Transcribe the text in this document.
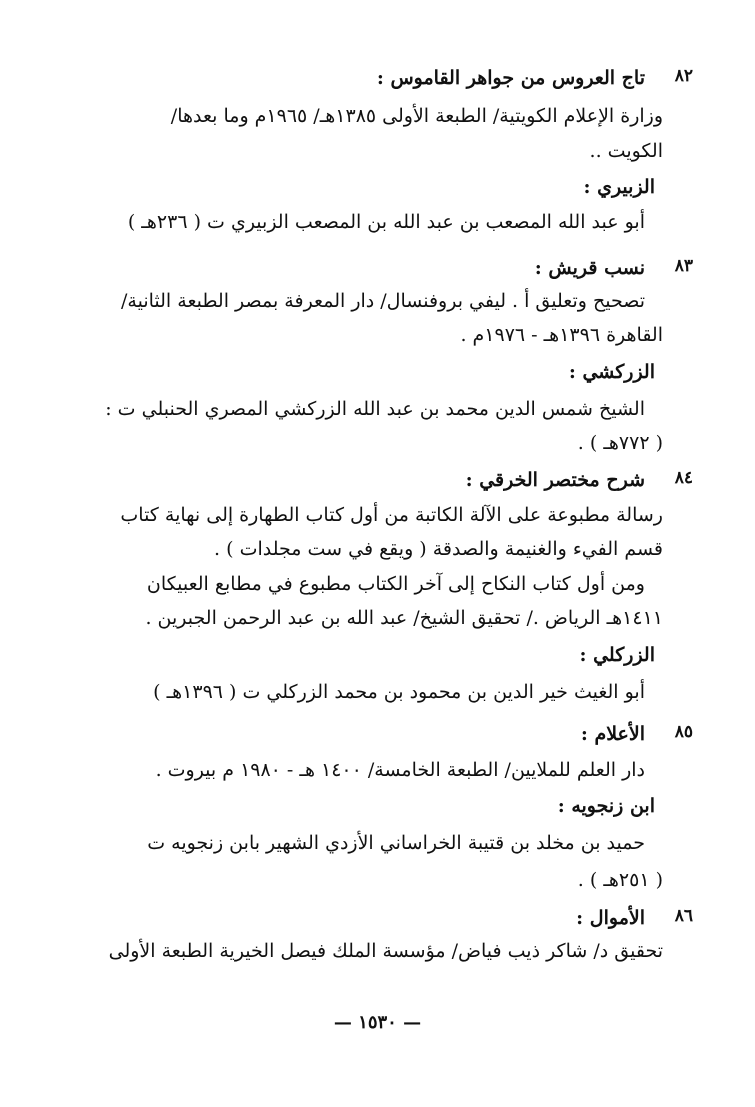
٨٢
تاج العروس من جواهر القاموس :
وزارة الإعلام الكويتية/ الطبعة الأولى ١٣٨٥هـ/ ١٩٦٥م وما بعدها/
الكويت ..
الزبيري :
أبو عبد الله المصعب بن عبد الله بن المصعب الزبيري ت ( ٢٣٦هـ )
٨٣
نسب قريش :
تصحيح وتعليق أ . ليفي بروفنسال/ دار المعرفة بمصر الطبعة الثانية/
القاهرة ١٣٩٦هـ - ١٩٧٦م .
الزركشي :
الشيخ شمس الدين محمد بن عبد الله الزركشي المصري الحنبلي ت :
( ٧٧٢هـ ) .
٨٤
شرح مختصر الخرقي :
رسالة مطبوعة على الآلة الكاتبة من أول كتاب الطهارة إلى نهاية كتاب
قسم الفيء والغنيمة والصدقة ( ويقع في ست مجلدات ) .
ومن أول كتاب النكاح إلى آخر الكتاب مطبوع في مطابع العبيكان
١٤١١هـ الرياض ./ تحقيق الشيخ/ عبد الله بن عبد الرحمن الجبرين .
الزركلي :
أبو الغيث خير الدين بن محمود بن محمد الزركلي ت ( ١٣٩٦هـ )
٨٥
الأعلام :
دار العلم للملايين/ الطبعة الخامسة/ ١٤٠٠ هـ - ١٩٨٠ م بيروت .
ابن زنجويه :
حميد بن مخلد بن قتيبة الخراساني الأزدي الشهير بابن زنجويه ت
( ٢٥١هـ ) .
٨٦
الأموال :
تحقيق د/ شاكر ذيب فياض/ مؤسسة الملك فيصل الخيرية الطبعة الأولى
— ١٥٣٠ —
